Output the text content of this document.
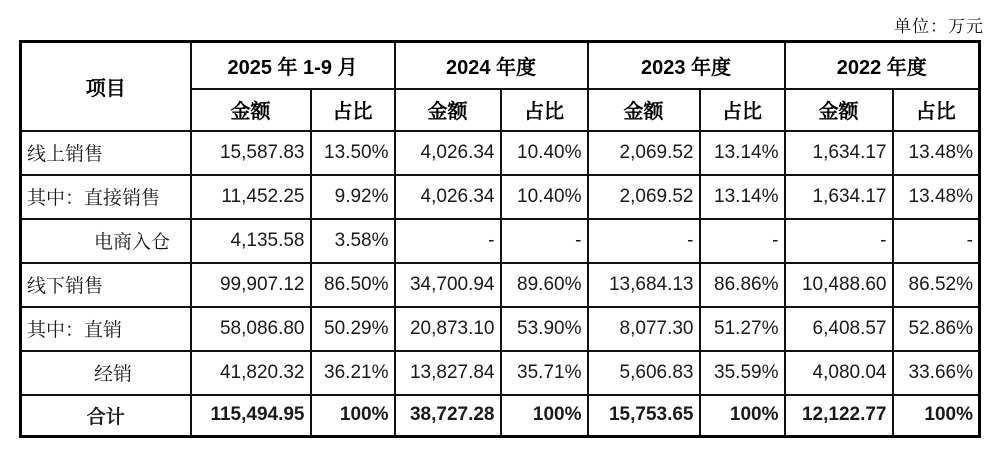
单位：万元
项目	2025 年 1-9 月		2024 年度		2023 年度		2022 年度	
	金额	占比	金额	占比	金额	占比	金额	占比
线上销售	15,587.83	13.50%	4,026.34	10.40%	2,069.52	13.14%	1,634.17	13.48%
其中：直接销售	11,452.25	9.92%	4,026.34	10.40%	2,069.52	13.14%	1,634.17	13.48%
电商入仓	4,135.58	3.58%	-	-	-	-	-	-
线下销售	99,907.12	86.50%	34,700.94	89.60%	13,684.13	86.86%	10,488.60	86.52%
其中：直销	58,086.80	50.29%	20,873.10	53.90%	8,077.30	51.27%	6,408.57	52.86%
经销	41,820.32	36.21%	13,827.84	35.71%	5,606.83	35.59%	4,080.04	33.66%
合计	115,494.95	100%	38,727.28	100%	15,753.65	100%	12,122.77	100%
